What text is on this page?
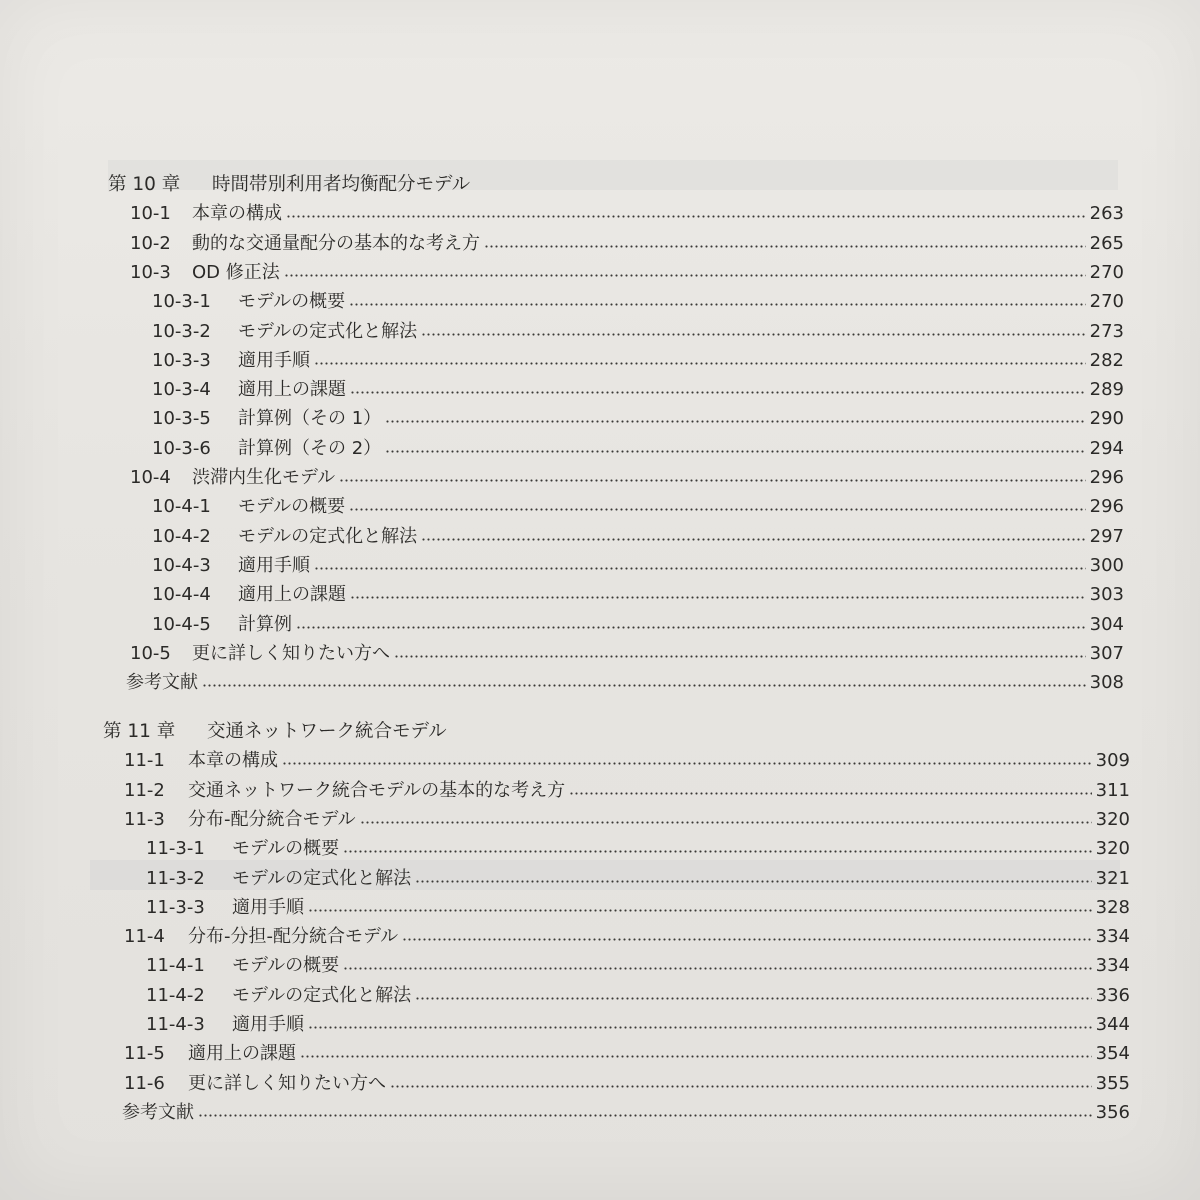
第 10 章	時間帯別利用者均衡配分モデル
10-1	本章の構成	263
10-2	動的な交通量配分の基本的な考え方	265
10-3	OD 修正法	270
10-3-1	モデルの概要	270
10-3-2	モデルの定式化と解法	273
10-3-3	適用手順	282
10-3-4	適用上の課題	289
10-3-5	計算例（その 1）	290
10-3-6	計算例（その 2）	294
10-4	渋滞内生化モデル	296
10-4-1	モデルの概要	296
10-4-2	モデルの定式化と解法	297
10-4-3	適用手順	300
10-4-4	適用上の課題	303
10-4-5	計算例	304
10-5	更に詳しく知りたい方へ	307
参考文献	308
第 11 章	交通ネットワーク統合モデル
11-1	本章の構成	309
11-2	交通ネットワーク統合モデルの基本的な考え方	311
11-3	分布-配分統合モデル	320
11-3-1	モデルの概要	320
11-3-2	モデルの定式化と解法	321
11-3-3	適用手順	328
11-4	分布-分担-配分統合モデル	334
11-4-1	モデルの概要	334
11-4-2	モデルの定式化と解法	336
11-4-3	適用手順	344
11-5	適用上の課題	354
11-6	更に詳しく知りたい方へ	355
参考文献	356
